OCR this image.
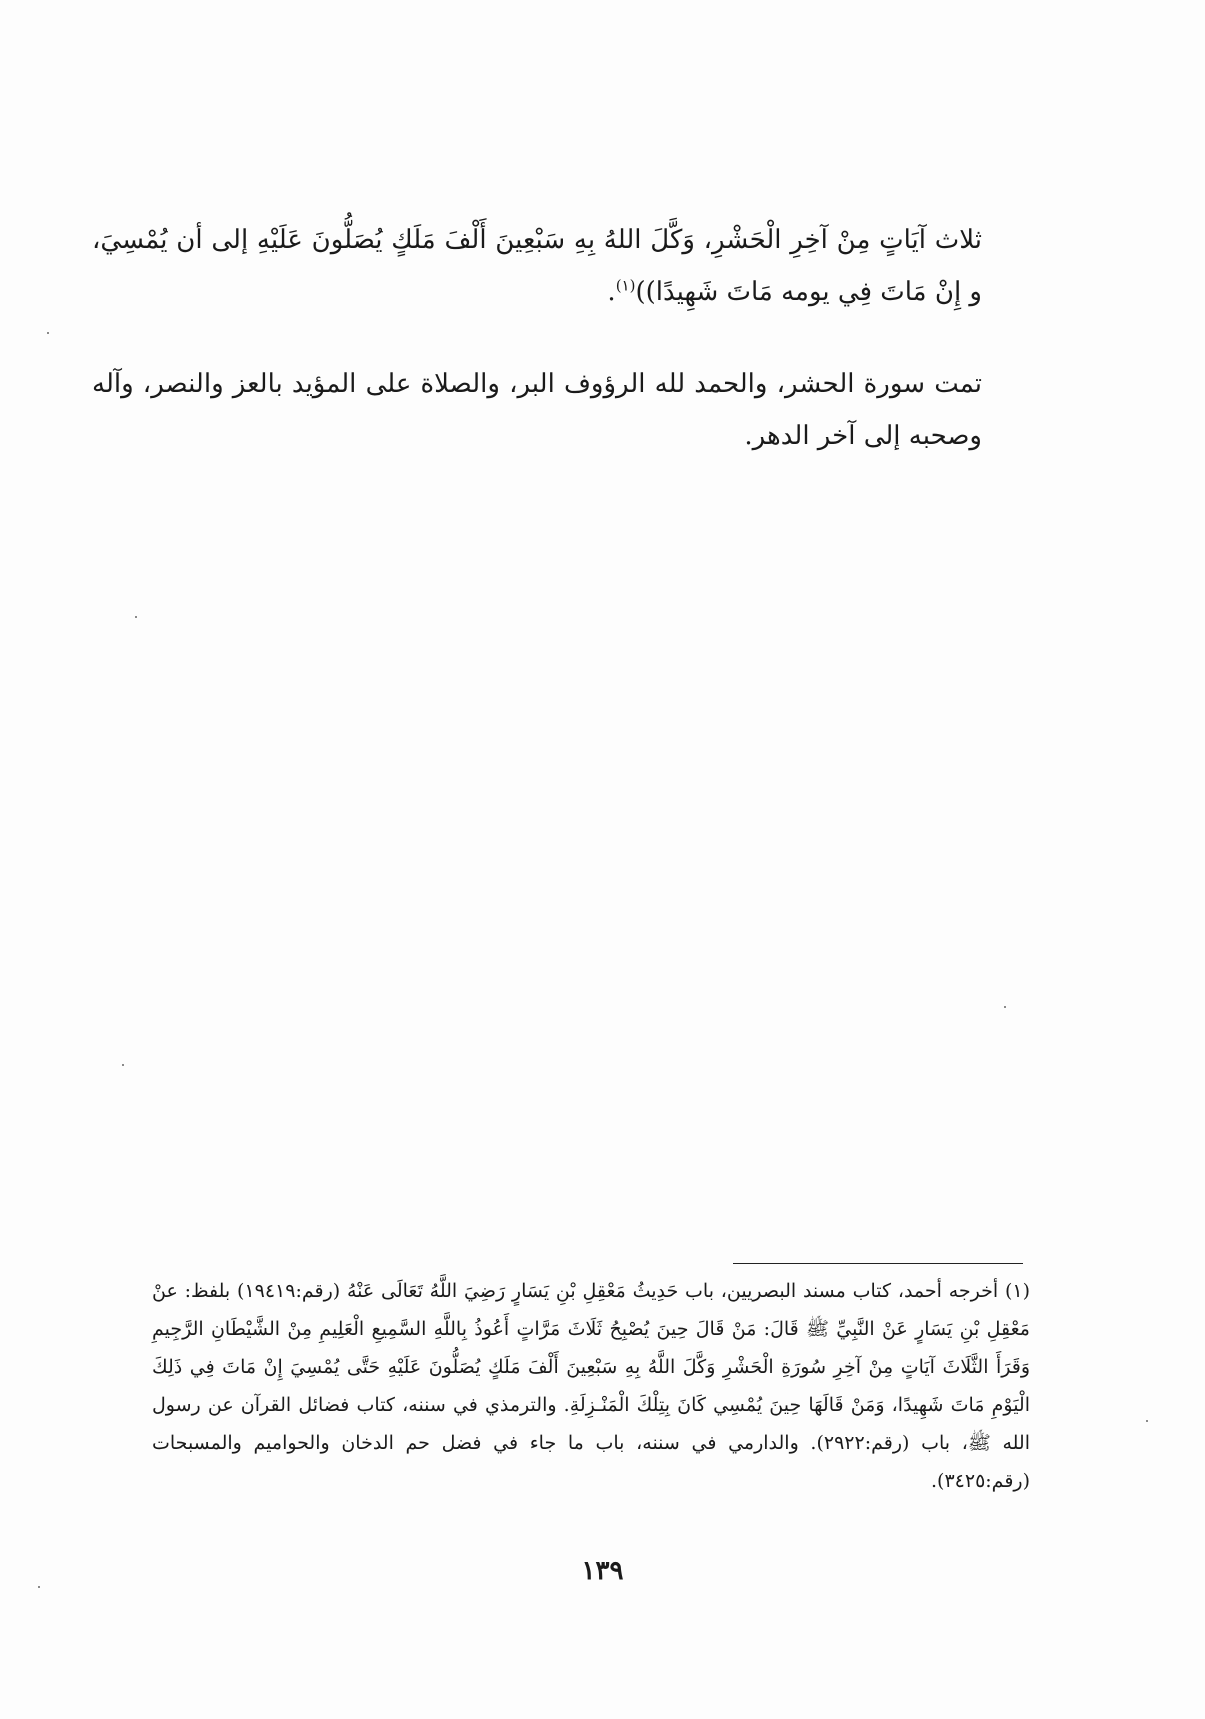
ثلاث آيَاتٍ مِنْ آخِرِ الْحَشْرِ، وَكَّلَ اللهُ بِهِ سَبْعِينَ أَلْفَ مَلَكٍ يُصَلُّونَ عَلَيْهِ إلى أن يُمْسِيَ، و إِنْ مَاتَ فِي يومه مَاتَ شَهِيدًا))$^{(١)}$.

تمت سورة الحشر، والحمد لله الرؤوف البر، والصلاة على المؤيد بالعز والنصر، وآله وصحبه إلى آخر الدهر.

(١) أخرجه أحمد، كتاب مسند البصريين، باب حَدِيثُ مَعْقِلِ بْنِ يَسَارٍ رَضِيَ اللَّهُ تَعَالَى عَنْهُ (رقم:١٩٤١٩) بلفظ: عنْ مَعْقِلِ بْنِ يَسَارٍ عَنْ النَّبِيِّ ﷺ قَالَ: مَنْ قَالَ حِينَ يُصْبِحُ ثَلَاثَ مَرَّاتٍ أَعُوذُ بِاللَّهِ السَّمِيعِ الْعَلِيمِ مِنْ الشَّيْطَانِ الرَّجِيمِ وَقَرَأَ الثَّلَاثَ آيَاتٍ مِنْ آخِرِ سُورَةِ الْحَشْرِ وَكَّلَ اللَّهُ بِهِ سَبْعِينَ أَلْفَ مَلَكٍ يُصَلُّونَ عَلَيْهِ حَتَّى يُمْسِيَ إِنْ مَاتَ فِي ذَلِكَ الْيَوْمِ مَاتَ شَهِيدًا، وَمَنْ قَالَهَا حِينَ يُمْسِي كَانَ بِتِلْكَ الْمَنْـزِلَةِ. والترمذي في سننه، كتاب فضائل القرآن عن رسول الله ﷺ، باب (رقم:٢٩٢٢). والدارمي في سننه، باب ما جاء في فضل حم الدخان والحواميم والمسبحات (رقم:٣٤٢٥).

١٣٩
